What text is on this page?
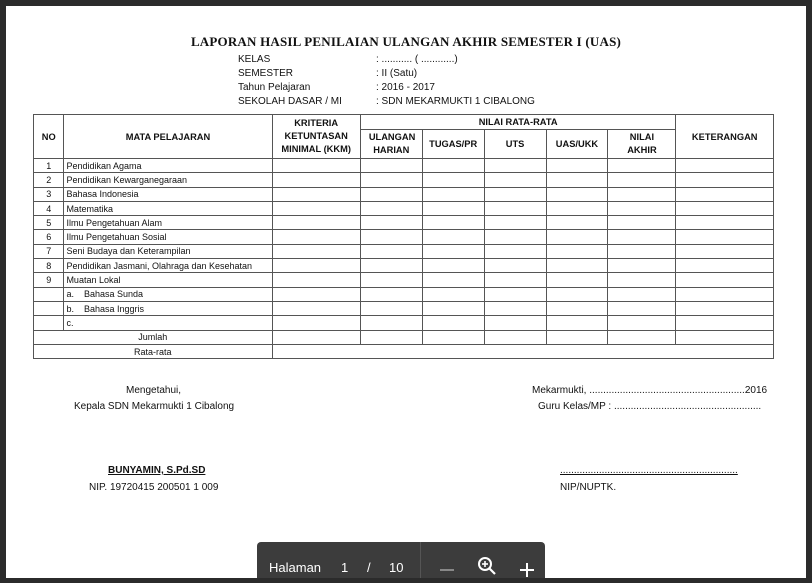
LAPORAN HASIL PENILAIAN ULANGAN AKHIR SEMESTER I (UAS)
KELAS	: ........... ( ............)
SEMESTER	: II (Satu)
Tahun Pelajaran	: 2016 - 2017
SEKOLAH DASAR / MI	: SDN MEKARMUKTI 1 CIBALONG
NO	MATA PELAJARAN	KRITERIA KETUNTASAN MINIMAL (KKM)	NILAI RATA-RATA					KETERANGAN
			ULANGAN HARIAN	TUGAS/PR	UTS	UAS/UKK	NILAI AKHIR	

1	Pendidikan Agama							
2	Pendidikan Kewarganegaraan							
3	Bahasa Indonesia							
4	Matematika							
5	Ilmu Pengetahuan Alam							
6	Ilmu Pengetahuan Sosial							
7	Seni Budaya dan Keterampilan							
8	Pendidikan Jasmani, Olahraga dan Kesehatan							
9	Muatan Lokal							
	a.    Bahasa Sunda							
	b.    Bahasa Inggris							
	c.							
Jumlah								
Rata-rata								
Mengetahui,
Kepala SDN Mekarmukti 1 Cibalong
BUNYAMIN, S.Pd.SD
NIP. 19720415 200501 1 009
Mekarmukti, ........................................................2016
Guru Kelas/MP : .....................................................
................................................................
NIP/NUPTK.
Halaman 1 / 10
